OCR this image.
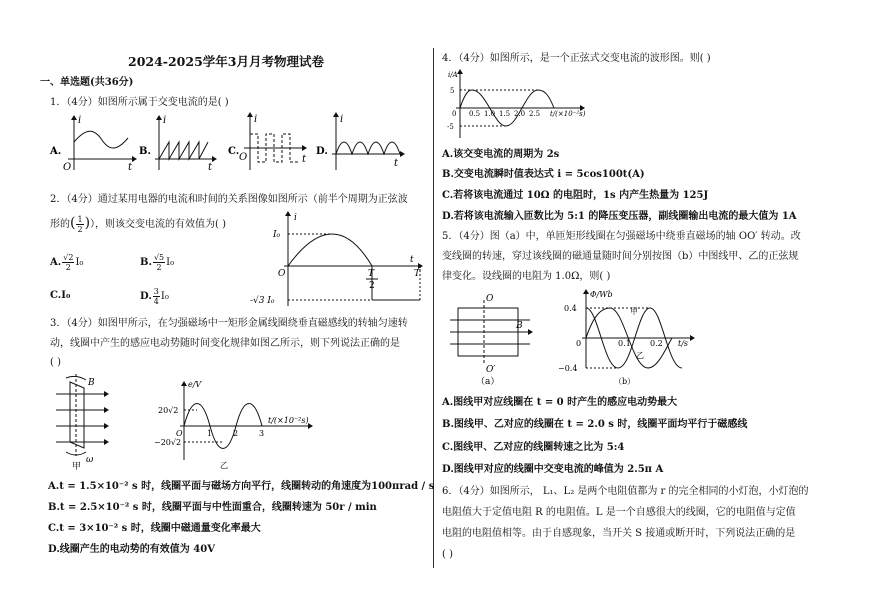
2024-2025学年3月月考物理试卷
一、单选题(共36分)
1．（4分）如图所示属于交变电流的是( )
A.
i
t
O
B.
i
t
C.
i
t
O
D.
i
t
2．（4分）通过某用电器的电流和时间的关系图像如图所示（前半个周期为正弦波
形的( $\frac{1}{2}$ )），则该交变电流的有效值为( )
A. $\frac{√2}{2} I_0$	B. $\frac{√5}{2} I_0$
C.I₀	D. $\frac{3}{4} I_0$
i
I₀
O	T
2
T
t
-√3 I₀
3．（4分）如图甲所示，在匀强磁场中一矩形金属线圈绕垂直磁感线的转轴匀速转
动，线圈中产生的感应电动势随时间变化规律如图乙所示，则下列说法正确的是
( )
B
ω
甲
e/V
20√2
−20√2
O	1	2	3
t/(×10⁻²s)
乙
A.t = 1.5×10⁻² s 时，线圈平面与磁场方向平行，线圈转动的角速度为100πrad / s
B.t = 2.5×10⁻² s 时，线圈平面与中性面重合，线圈转速为 50r / min
C.t = 3×10⁻² s 时，线圈中磁通量变化率最大
D.线圈产生的电动势的有效值为 40V
4．（4分）如图所示，是一个正弦式交变电流的波形图。则( )
i/A
5
-5
0 0.5 1.0 1.5 2.0 2.5 t/(×10⁻²s)
A.该交变电流的周期为 2s
B.交变电流瞬时值表达式 i = 5cos100t(A)
C.若将该电流通过 10Ω 的电阻时，1s 内产生热量为 125J
D.若将该电流输入匝数比为 5:1 的降压变压器，副线圈输出电流的最大值为 1A
5．（4分）图（a）中，单匝矩形线圈在匀强磁场中绕垂直磁场的轴 OO′ 转动。改
变线圈的转速，穿过该线圈的磁通量随时间分别按图（b）中图线甲、乙的正弦规
律变化。设线圈的电阻为 1.0Ω，则( )
O
O′
B
（a）
Φ/Wb
0.4
−0.4
0	0.1 0.2 t/s
甲
乙
（b）
A.图线甲对应线圈在 t = 0 时产生的感应电动势最大
B.图线甲、乙对应的线圈在 t = 2.0 s 时，线圈平面均平行于磁感线
C.图线甲、乙对应的线圈转速之比为 5:4
D.图线甲对应的线圈中交变电流的峰值为 2.5π A
6．（4分）如图所示， L₁、L₂ 是两个电阻值都为 r 的完全相同的小灯泡，小灯泡的
电阻值大于定值电阻 R 的电阻值。L 是一个自感很大的线圈，它的电阻值与定值
电阻的电阻值相等。由于自感现象，当开关 S 接通或断开时，下列说法正确的是
( )
